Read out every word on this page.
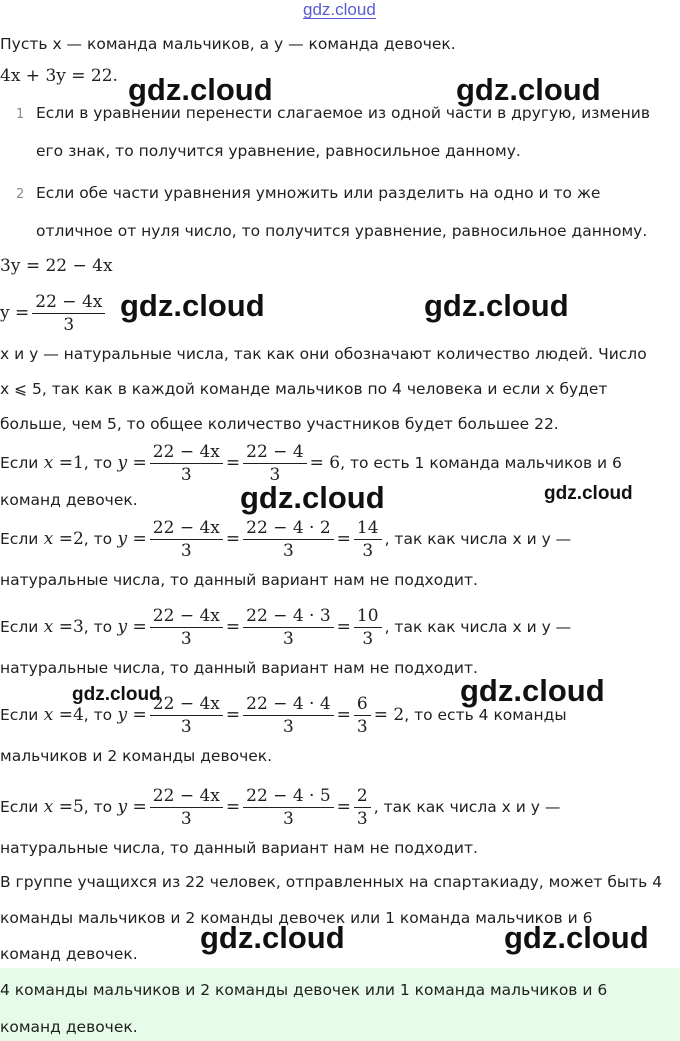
gdz.cloud
Пусть x — команда мальчиков, а y — команда девочек.
4x + 3y = 22.
1 Если в уравнении перенести слагаемое из одной части в другую, изменив
его знак, то получится уравнение, равносильное данному.
2 Если обе части уравнения умножить или разделить на одно и то же
отличное от нуля число, то получится уравнение, равносильное данному.
3y = 22 − 4x
$y = \frac{22 - 4x}{3}$
x и y — натуральные числа, так как они обозначают количество людей. Число
x ⩽ 5, так как в каждой команде мальчиков по 4 человека и если x будет
больше, чем 5, то общее количество участников будет большее 22.
Если x = 1 , то $y = \frac{22 - 4x}{3} = \frac{22 - 4}{3} = 6$ , то есть 1 команда мальчиков и 6
команд девочек.
Если x = 2 , то $y = \frac{22 - 4x}{3} = \frac{22 - 4 \cdot 2}{3} = \frac{14}{3}$ , так как числа x и y —
натуральные числа, то данный вариант нам не подходит.
Если x = 3 , то $y = \frac{22 - 4x}{3} = \frac{22 - 4 \cdot 3}{3} = \frac{10}{3}$ , так как числа x и y —
натуральные числа, то данный вариант нам не подходит.
Если x = 4 , то $y = \frac{22 - 4x}{3} = \frac{22 - 4 \cdot 4}{3} = \frac{6}{3} = 2$ , то есть 4 команды
мальчиков и 2 команды девочек.
Если x = 5 , то $y = \frac{22 - 4x}{3} = \frac{22 - 4 \cdot 5}{3} = \frac{2}{3}$ , так как числа x и y —
натуральные числа, то данный вариант нам не подходит.
В группе учащихся из 22 человек, отправленных на спартакиаду, может быть 4
команды мальчиков и 2 команды девочек или 1 команда мальчиков и 6
команд девочек.
4 команды мальчиков и 2 команды девочек или 1 команда мальчиков и 6
команд девочек.
gdz.cloud	gdz.cloud
gdz.cloud	gdz.cloud
gdz.cloud	gdz.cloud
gdz.cloud	gdz.cloud
gdz.cloud	gdz.cloud
